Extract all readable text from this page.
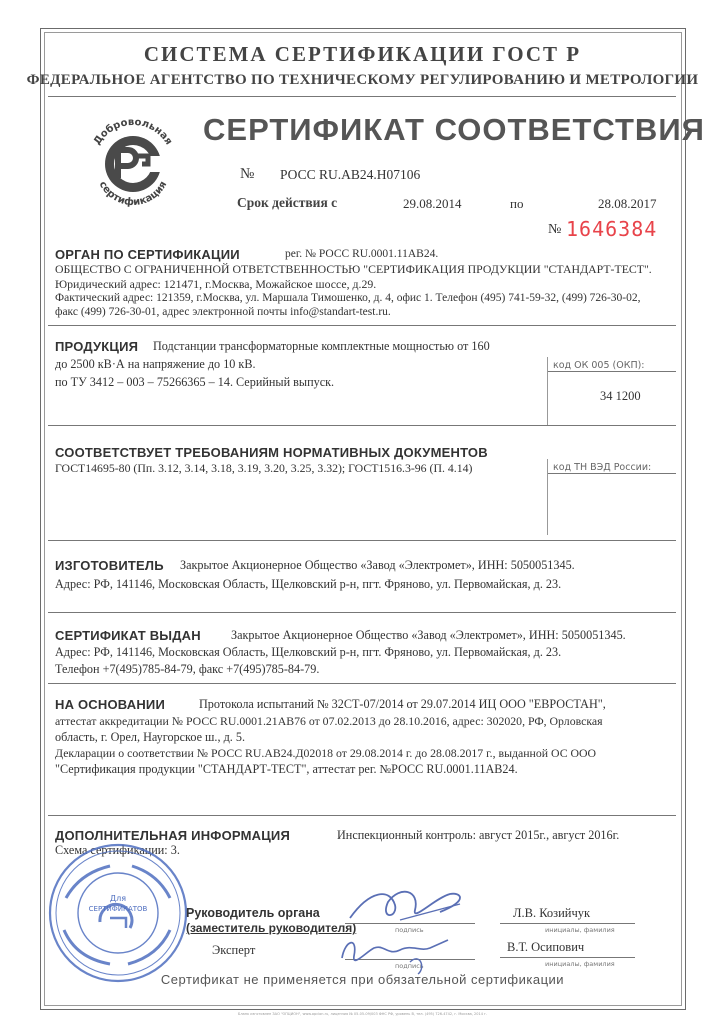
СИСТЕМА СЕРТИФИКАЦИИ ГОСТ Р
ФЕДЕРАЛЬНОЕ АГЕНТСТВО ПО ТЕХНИЧЕСКОМУ РЕГУЛИРОВАНИЮ И МЕТРОЛОГИИ
Добровольная
сертификация
СЕРТИФИКАТ СООТВЕТСТВИЯ
№ РОСС RU.AB24.H07106
Срок действия с	29.08.2014	по	28.08.2017
№ 1646384
ОРГАН ПО СЕРТИФИКАЦИИ	рег. № РОСС RU.0001.11AB24.
ОБЩЕСТВО С ОГРАНИЧЕННОЙ ОТВЕТСТВЕННОСТЬЮ "СЕРТИФИКАЦИЯ ПРОДУКЦИИ "СТАНДАРТ-ТЕСТ".
Юридический адрес: 121471, г.Москва, Можайское шоссе, д.29.
Фактический адрес: 121359, г.Москва, ул. Маршала Тимошенко, д. 4, офис 1. Телефон (495) 741-59-32, (499) 726-30-02,
факс (499) 726-30-01, адрес электронной почты info@standart-test.ru.
ПРОДУКЦИЯ Подстанции трансформаторные комплектные мощностью от 160
до 2500 кВ·А на напряжение до 10 кВ.
по ТУ 3412 – 003 – 75266365 – 14. Серийный выпуск.
код ОК 005 (ОКП):
34 1200
СООТВЕТСТВУЕТ ТРЕБОВАНИЯМ НОРМАТИВНЫХ ДОКУМЕНТОВ
ГОСТ14695-80 (Пп. 3.12, 3.14, 3.18, 3.19, 3.20, 3.25, 3.32); ГОСТ1516.3-96 (П. 4.14)	код ТН ВЭД России:
ИЗГОТОВИТЕЛЬ Закрытое Акционерное Общество «Завод «Электромет», ИНН: 5050051345.
Адрес: РФ, 141146, Московская Область, Щелковский р-н, пгт. Фряново, ул. Первомайская, д. 23.
СЕРТИФИКАТ ВЫДАН Закрытое Акционерное Общество «Завод «Электромет», ИНН: 5050051345.
Адрес: РФ, 141146, Московская Область, Щелковский р-н, пгт. Фряново, ул. Первомайская, д. 23.
Телефон +7(495)785-84-79, факс +7(495)785-84-79.
НА ОСНОВАНИИ	Протокола испытаний № 32СТ-07/2014 от 29.07.2014 ИЦ ООО "ЕВРОСТАН",
аттестат аккредитации № РОСС RU.0001.21АВ76 от 07.02.2013 до 28.10.2016, адрес: 302020, РФ, Орловская
область, г. Орел, Наугорское ш., д. 5.
Декларации о соответствии № РОСС RU.AB24.Д02018 от 29.08.2014 г. до 28.08.2017 г., выданной ОС ООО
"Сертификация продукции "СТАНДАРТ-ТЕСТ", аттестат рег. №РОСС RU.0001.11AB24.
ДОПОЛНИТЕЛЬНАЯ ИНФОРМАЦИЯ	Инспекционный контроль: август 2015г., август 2016г.
Схема сертификации: 3.
Для
СЕРТИФИКАТОВ	Руководитель органа
(заместитель руководителя)	подпись
Л.В. Козийчук
инициалы, фамилия
Эксперт
подпись
В.Т. Осипович
инициалы, фамилия
Сертификат не применяется при обязательной сертификации
Бланк изготовлен ЗАО "ОПЦИОН", www.opcion.ru, лицензия № 05-05-09/003 ФНС РФ, уровень В, тел. (495) 726-4742, г. Москва, 2014 г.
